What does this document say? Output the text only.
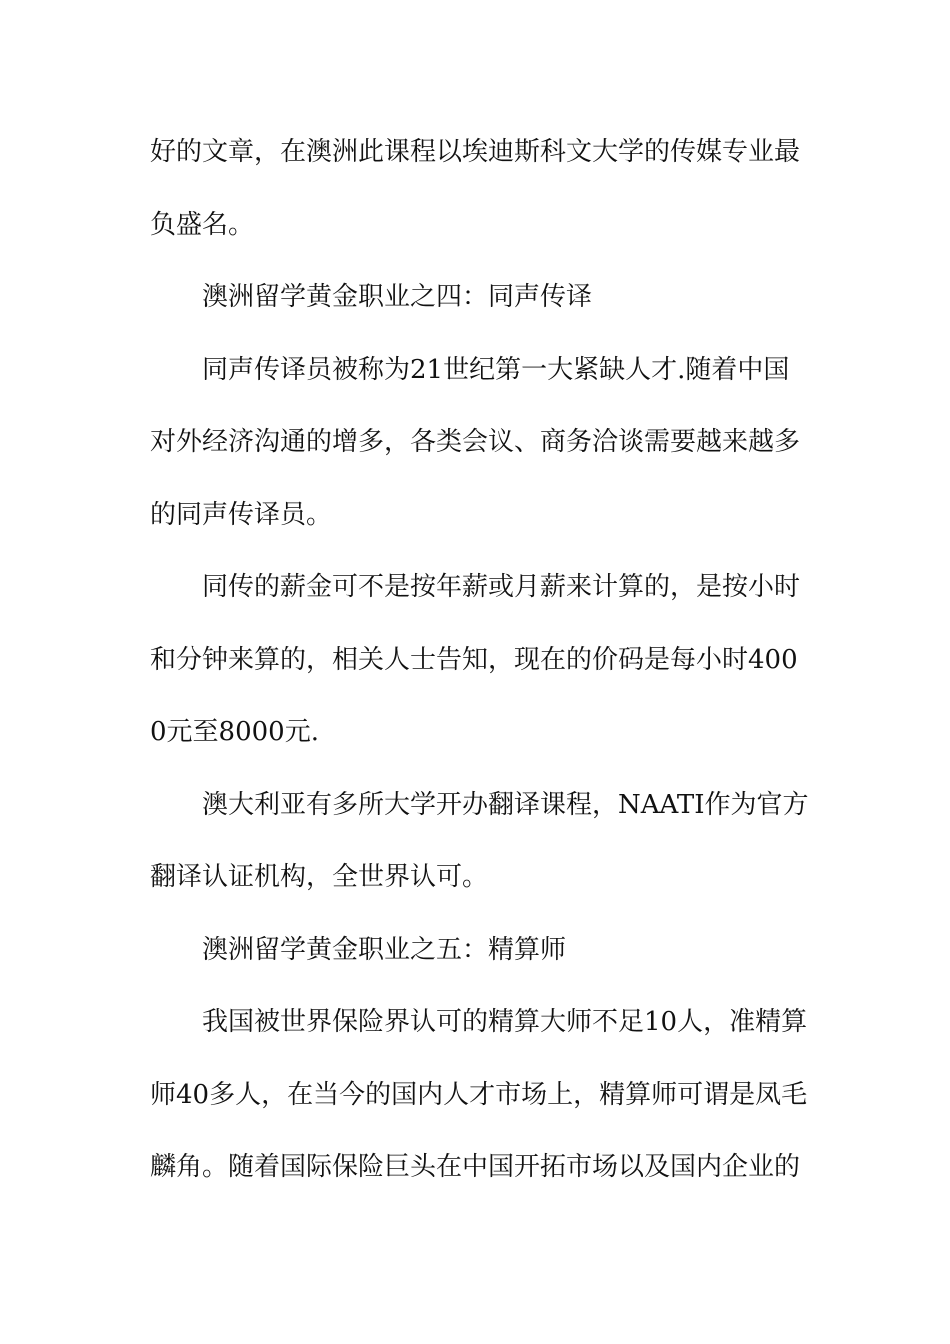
好的文章，在澳洲此课程以埃迪斯科文大学的传媒专业最负盛名。

澳洲留学黄金职业之四：同声传译

同声传译员被称为21世纪第一大紧缺人才.随着中国对外经济沟通的增多，各类会议、商务洽谈需要越来越多的同声传译员。

同传的薪金可不是按年薪或月薪来计算的，是按小时和分钟来算的，相关人士告知，现在的价码是每小时4000元至8000元.

澳大利亚有多所大学开办翻译课程，NAATI作为官方翻译认证机构，全世界认可。

澳洲留学黄金职业之五：精算师

我国被世界保险界认可的精算大师不足10人，准精算师40多人，在当今的国内人才市场上，精算师可谓是凤毛麟角。随着国际保险巨头在中国开拓市场以及国内企业的
